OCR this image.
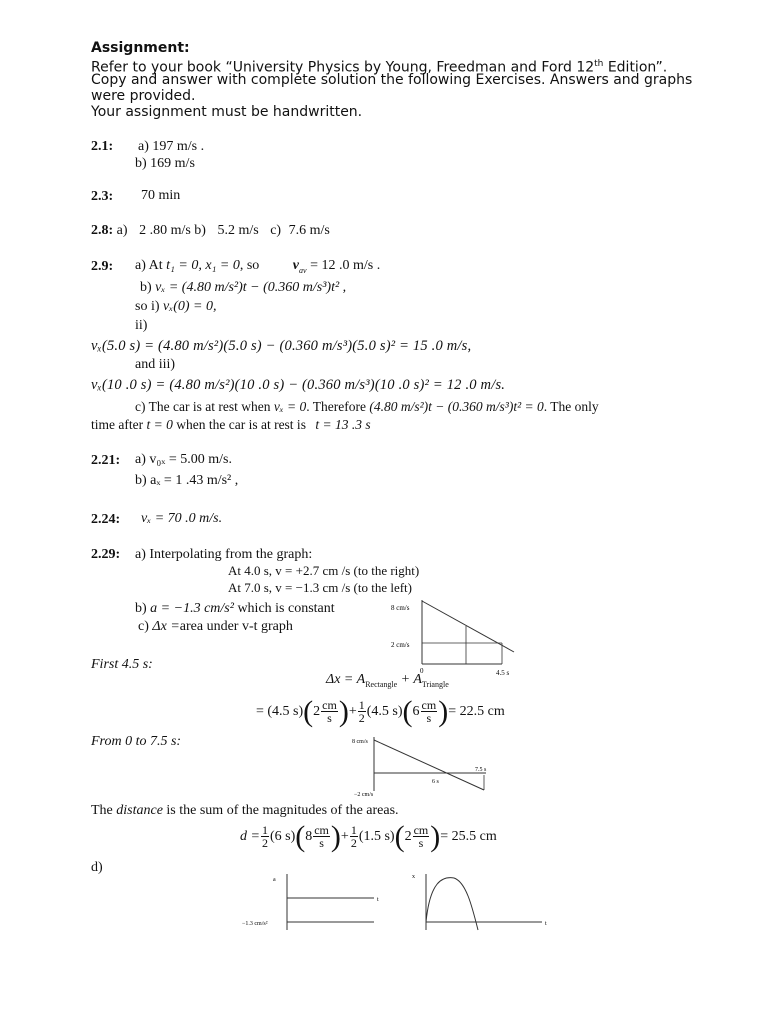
Assignment:
Refer to your book “University Physics by Young, Freedman and Ford 12th Edition”.
Copy and answer with complete solution the following Exercises. Answers and graphs
were provided.
Your assignment must be handwritten.
2.1: a) 197 m/s .
b) 169 m/s
2.3: 70 min
2.8: a) 2 .80 m/s b) 5.2 m/s c) 7.6 m/s
2.9: a) At t₁ = 0, x₁ = 0, so $v_{av} = 12$ .0 m/s .
b) vₓ = (4.80 m/s²)t − (0.360 m/s³)t² ,
so i) vₓ(0) = 0,
ii)
vₓ(5.0 s) = (4.80 m/s²)(5.0 s) − (0.360 m/s³)(5.0 s)² = 15 .0 m/s,
and iii)
vₓ(10 .0 s) = (4.80 m/s²)(10 .0 s) − (0.360 m/s³)(10 .0 s)² = 12 .0 m/s.
c) The car is at rest when vₓ = 0. Therefore (4.80 m/s²)t − (0.360 m/s³)t² = 0. The only
time after t = 0 when the car is at rest is t = 13 .3 s
2.21: a) v₀ₓ = 5.00 m/s.
b) aₓ = 1 .43 m/s² ,
2.24: vₓ = 70 .0 m/s.
2.29: a) Interpolating from the graph:
At 4.0 s, v = +2.7 cm /s (to the right)
At 7.0 s, v = −1.3 cm /s (to the left)
b) a = −1.3 cm/s² which is constant
c) Δx =area under v-t graph
8 cm/s
2 cm/s
0	4.5 s
First 4.5 s:
$\Delta x = A_{Rectangle} + A_{Triangle}$
= (4.5 $s)(2 \frac{cm}{s}$ )+ $\frac{1}{2} (4.5$ $s)(6 \frac{cm}{s}$ )= 22.5 cm
From 0 to 7.5 s:	8 cm/s
6 s
7.5 s
−2 cm/s
The distance is the sum of the magnitudes of the areas.
$d = \frac{1}{2} (6$ $s)(8 \frac{cm}{s}$ )+ $\frac{1}{2} (1.5$ $s)(2 \frac{cm}{s}$ )= 25.5 cm
d)
a
t
−1.3 cm/s²
x
t
